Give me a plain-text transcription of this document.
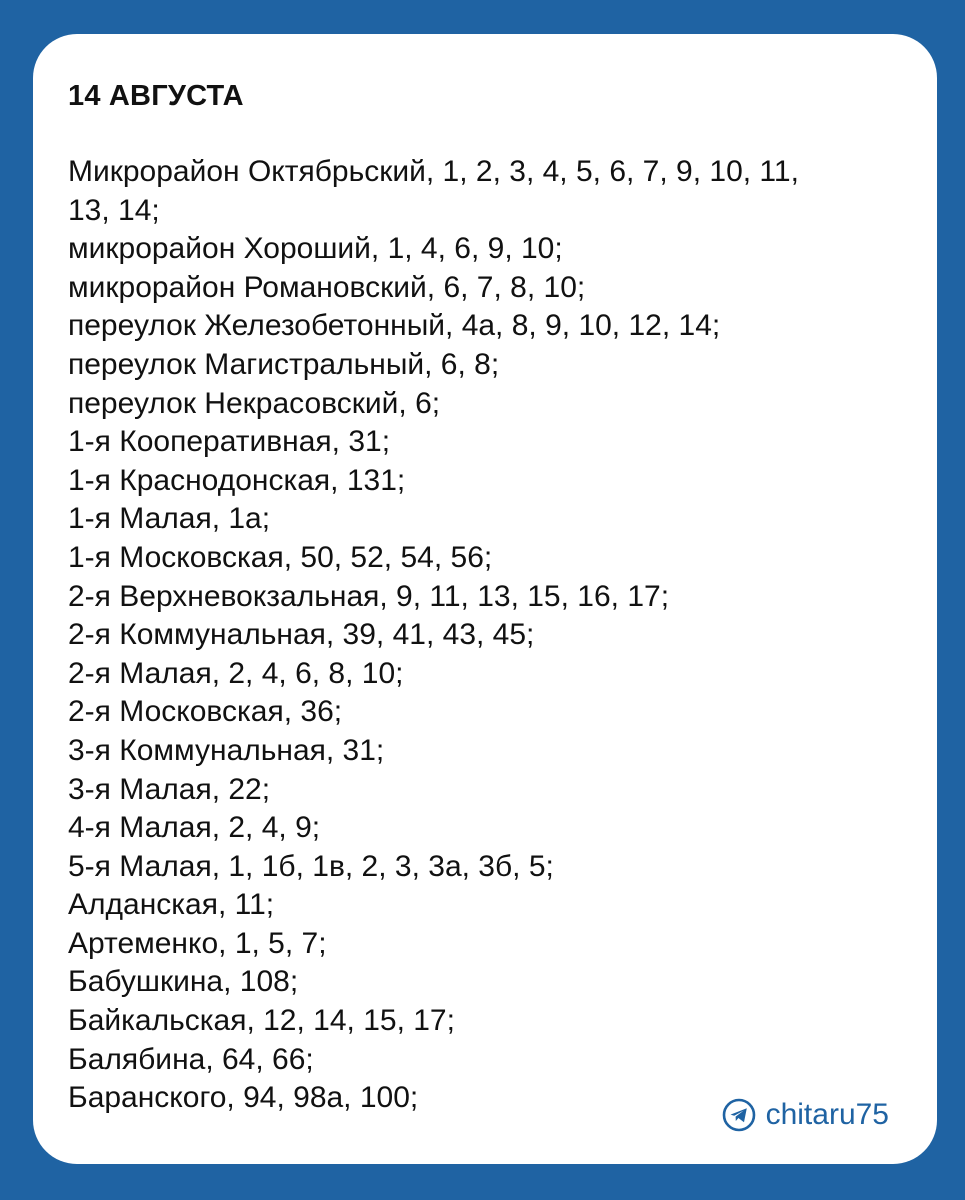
14 АВГУСТА
Микрорайон Октябрьский, 1, 2, 3, 4, 5, 6, 7, 9, 10, 11,
13, 14;
микрорайон Хороший, 1, 4, 6, 9, 10;
микрорайон Романовский, 6, 7, 8, 10;
переулок Железобетонный, 4а, 8, 9, 10, 12, 14;
переулок Магистральный, 6, 8;
переулок Некрасовский, 6;
1-я Кооперативная, 31;
1-я Краснодонская, 131;
1-я Малая, 1а;
1-я Московская, 50, 52, 54, 56;
2-я Верхневокзальная, 9, 11, 13, 15, 16, 17;
2-я Коммунальная, 39, 41, 43, 45;
2-я Малая, 2, 4, 6, 8, 10;
2-я Московская, 36;
3-я Коммунальная, 31;
3-я Малая, 22;
4-я Малая, 2, 4, 9;
5-я Малая, 1, 1б, 1в, 2, 3, 3а, 3б, 5;
Алданская, 11;
Артеменко, 1, 5, 7;
Бабушкина, 108;
Байкальская, 12, 14, 15, 17;
Балябина, 64, 66;
Баранского, 94, 98а, 100;
chitaru75
